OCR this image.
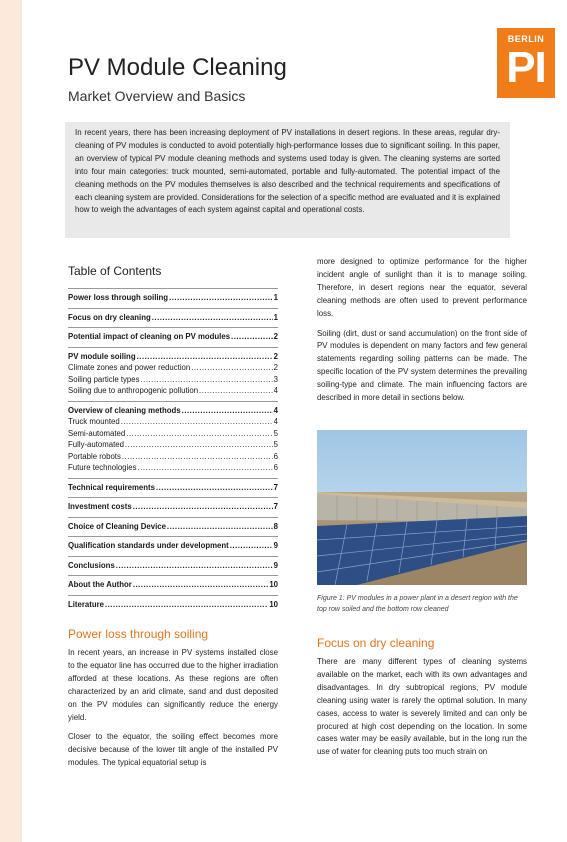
BERLIN
PI
PV Module Cleaning
Market Overview and Basics
In recent years, there has been increasing deployment of PV installations in desert regions. In these areas, regular dry-cleaning of PV modules is conducted to avoid potentially high-performance losses due to significant soiling. In this paper, an overview of typical PV module cleaning methods and systems used today is given. The cleaning systems are sorted into four main categories: truck mounted, semi-automated, portable and fully-automated. The potential impact of the cleaning methods on the PV modules themselves is also described and the technical requirements and specifications of each cleaning system are provided. Considerations for the selection of a specific method are evaluated and it is explained how to weigh the advantages of each system against capital and operational costs.
Table of Contents
Power loss through soiling .....	1
Focus on dry cleaning .....	1
Potential impact of cleaning on PV modules .....	2
PV module soiling .....	2
Climate zones and power reduction .....	2
Soiling particle types .....	3
Soiling due to anthropogenic pollution .....	4
Overview of cleaning methods .....	4
Truck mounted .....	4
Semi-automated .....	5
Fully-automated .....	5
Portable robots .....	6
Future technologies .....	6
Technical requirements .....	7
Investment costs .....	7
Choice of Cleaning Device .....	8
Qualification standards under development .....	9
Conclusions .....	9
About the Author .....	10
Literature .....	10

more designed to optimize performance for the higher incident angle of sunlight than it is to manage soiling. Therefore, in desert regions near the equator, several cleaning methods are often used to prevent performance loss.

Soiling (dirt, dust or sand accumulation) on the front side of PV modules is dependent on many factors and few general statements regarding soiling patterns can be made. The specific location of the PV system determines the prevailing soiling-type and climate. The main influencing factors are described in more detail in sections below.

Figure 1: PV modules in a power plant in a desert region with the top row soiled and the bottom row cleaned
Power loss through soiling

In recent years, an increase in PV systems installed close to the equator line has occurred due to the higher irradiation afforded at these locations. As these regions are often characterized by an arid climate, sand and dust deposited on the PV modules can significantly reduce the energy yield.

Closer to the equator, the soiling effect becomes more decisive because of the lower tilt angle of the installed PV modules. The typical equatorial setup is

Focus on dry cleaning

There are many different types of cleaning systems available on the market, each with its own advantages and disadvantages. In dry subtropical regions, PV module cleaning using water is rarely the optimal solution. In many cases, access to water is severely limited and can only be procured at high cost depending on the location. In some cases water may be easily available, but in the long run the use of water for cleaning puts too much strain on
